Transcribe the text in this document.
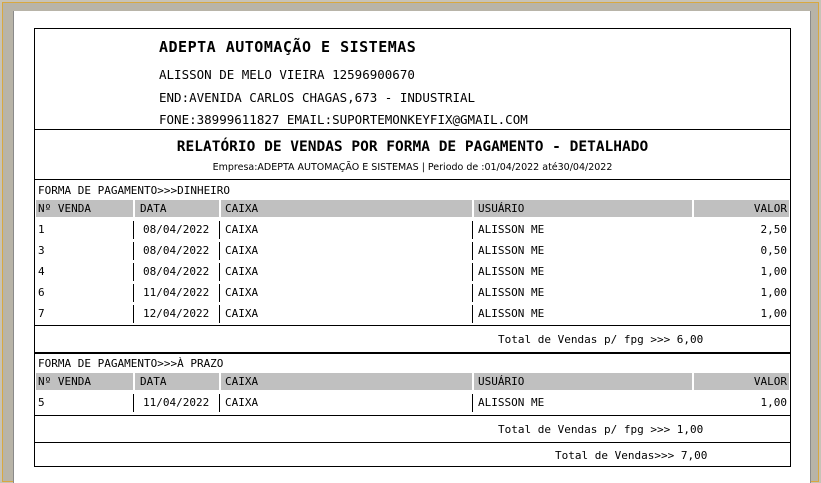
ADEPTA AUTOMAÇÃO E SISTEMAS
ALISSON DE MELO VIEIRA 12596900670
END:AVENIDA CARLOS CHAGAS,673 - INDUSTRIAL
FONE:38999611827 EMAIL:SUPORTEMONKEYFIX@GMAIL.COM
RELATÓRIO DE VENDAS POR FORMA DE PAGAMENTO - DETALHADO
Empresa:ADEPTA AUTOMAÇÃO E SISTEMAS | Periodo de :01/04/2022 até30/04/2022
FORMA DE PAGAMENTO>>>DINHEIRO
Nº VENDA	DATA	CAIXA	USUÁRIO	VALOR
1	08/04/2022 CAIXA	ALISSON ME	2,50
3	08/04/2022 CAIXA	ALISSON ME	0,50
4	08/04/2022 CAIXA	ALISSON ME	1,00
6	11/04/2022 CAIXA	ALISSON ME	1,00
7	12/04/2022 CAIXA	ALISSON ME	1,00
Total de Vendas p/ fpg >>> 6,00
FORMA DE PAGAMENTO>>>À PRAZO
Nº VENDA	DATA	CAIXA	USUÁRIO	VALOR
5	11/04/2022 CAIXA	ALISSON ME	1,00
Total de Vendas p/ fpg >>> 1,00
Total de Vendas>>> 7,00
